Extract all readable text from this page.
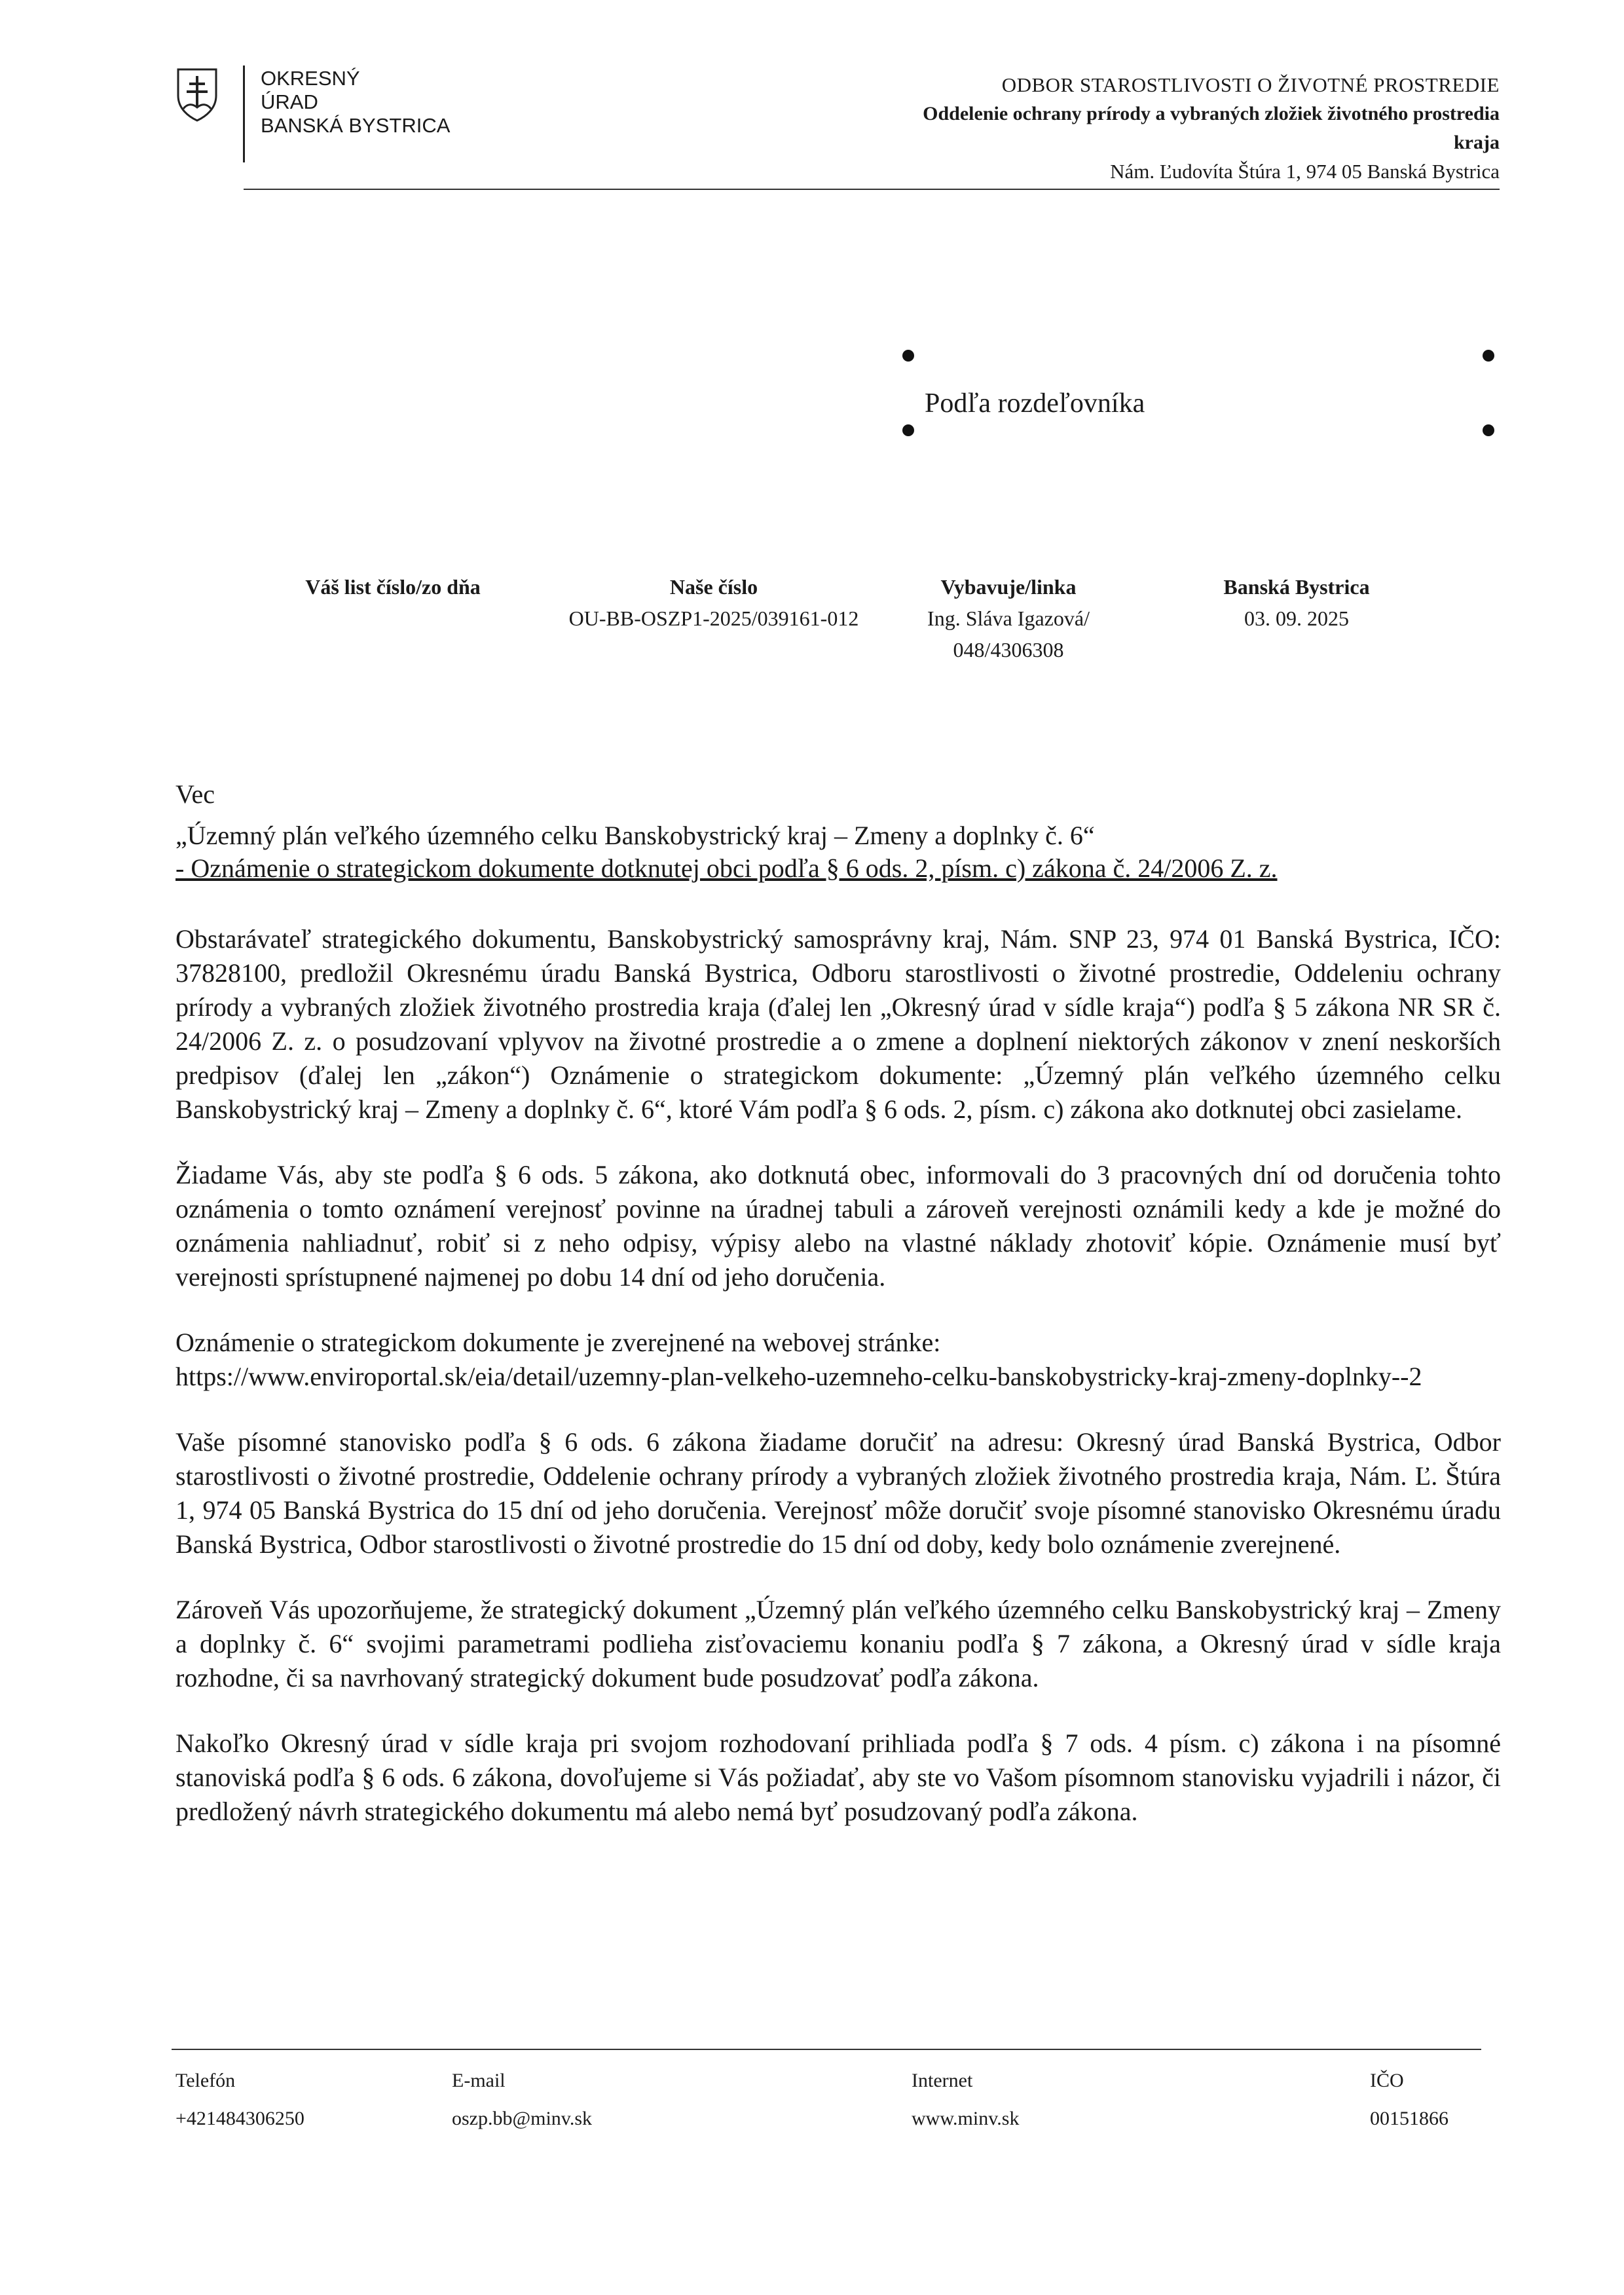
OKRESNÝ
ÚRAD
BANSKÁ BYSTRICA
ODBOR STAROSTLIVOSTI O ŽIVOTNÉ PROSTREDIE
Oddelenie ochrany prírody a vybraných zložiek životného prostredia
kraja
Nám. Ľudovíta Štúra 1, 974 05 Banská Bystrica
Podľa rozdeľovníka
Váš list číslo/zo dňa	Naše číslo
OU-BB-OSZP1-2025/039161-012
Vybavuje/linka
Ing. Sláva Igazová/
048/4306308
Banská Bystrica
03. 09. 2025

Vec

„Územný plán veľkého územného celku Banskobystrický kraj – Zmeny a doplnky č. 6“

- Oznámenie o strategickom dokumente dotknutej obci podľa § 6 ods. 2, písm. c) zákona č. 24/2006 Z. z.

Obstarávateľ strategického dokumentu, Banskobystrický samosprávny kraj, Nám. SNP 23, 974 01 Banská Bystrica, IČO: 37828100, predložil Okresnému úradu Banská Bystrica, Odboru starostlivosti o životné prostredie, Oddeleniu ochrany prírody a vybraných zložiek životného prostredia kraja (ďalej len „Okresný úrad v sídle kraja“) podľa § 5 zákona NR SR č. 24/2006 Z. z. o posudzovaní vplyvov na životné prostredie a o zmene a doplnení niektorých zákonov v znení neskorších predpisov (ďalej len „zákon“) Oznámenie o strategickom dokumente: „Územný plán veľkého územného celku Banskobystrický kraj – Zmeny a doplnky č. 6“, ktoré Vám podľa § 6 ods. 2, písm. c) zákona ako dotknutej obci zasielame.

Žiadame Vás, aby ste podľa § 6 ods. 5 zákona, ako dotknutá obec, informovali do 3 pracovných dní od doručenia tohto oznámenia o tomto oznámení verejnosť povinne na úradnej tabuli a zároveň verejnosti oznámili kedy a kde je možné do oznámenia nahliadnuť, robiť si z neho odpisy, výpisy alebo na vlastné náklady zhotoviť kópie. Oznámenie musí byť verejnosti sprístupnené najmenej po dobu 14 dní od jeho doručenia.

Oznámenie o strategickom dokumente je zverejnené na webovej stránke:
https://www.enviroportal.sk/eia/detail/uzemny-plan-velkeho-uzemneho-celku-banskobystricky-kraj-zmeny-doplnky--2

Vaše písomné stanovisko podľa § 6 ods. 6 zákona žiadame doručiť na adresu: Okresný úrad Banská Bystrica, Odbor starostlivosti o životné prostredie, Oddelenie ochrany prírody a vybraných zložiek životného prostredia kraja, Nám. Ľ. Štúra 1, 974 05 Banská Bystrica do 15 dní od jeho doručenia. Verejnosť môže doručiť svoje písomné stanovisko Okresnému úradu Banská Bystrica, Odbor starostlivosti o životné prostredie do 15 dní od doby, kedy bolo oznámenie zverejnené.

Zároveň Vás upozorňujeme, že strategický dokument „Územný plán veľkého územného celku Banskobystrický kraj – Zmeny a doplnky č. 6“ svojimi parametrami podlieha zisťovaciemu konaniu podľa § 7 zákona, a Okresný úrad v sídle kraja rozhodne, či sa navrhovaný strategický dokument bude posudzovať podľa zákona.

Nakoľko Okresný úrad v sídle kraja pri svojom rozhodovaní prihliada podľa § 7 ods. 4 písm. c) zákona i na písomné stanoviská podľa § 6 ods. 6 zákona, dovoľujeme si Vás požiadať, aby ste vo Vašom písomnom stanovisku vyjadrili i názor, či predložený návrh strategického dokumentu má alebo nemá byť posudzovaný podľa zákona.

Telefón
+421484306250
E-mail
oszp.bb@minv.sk
Internet
www.minv.sk
IČO
00151866
